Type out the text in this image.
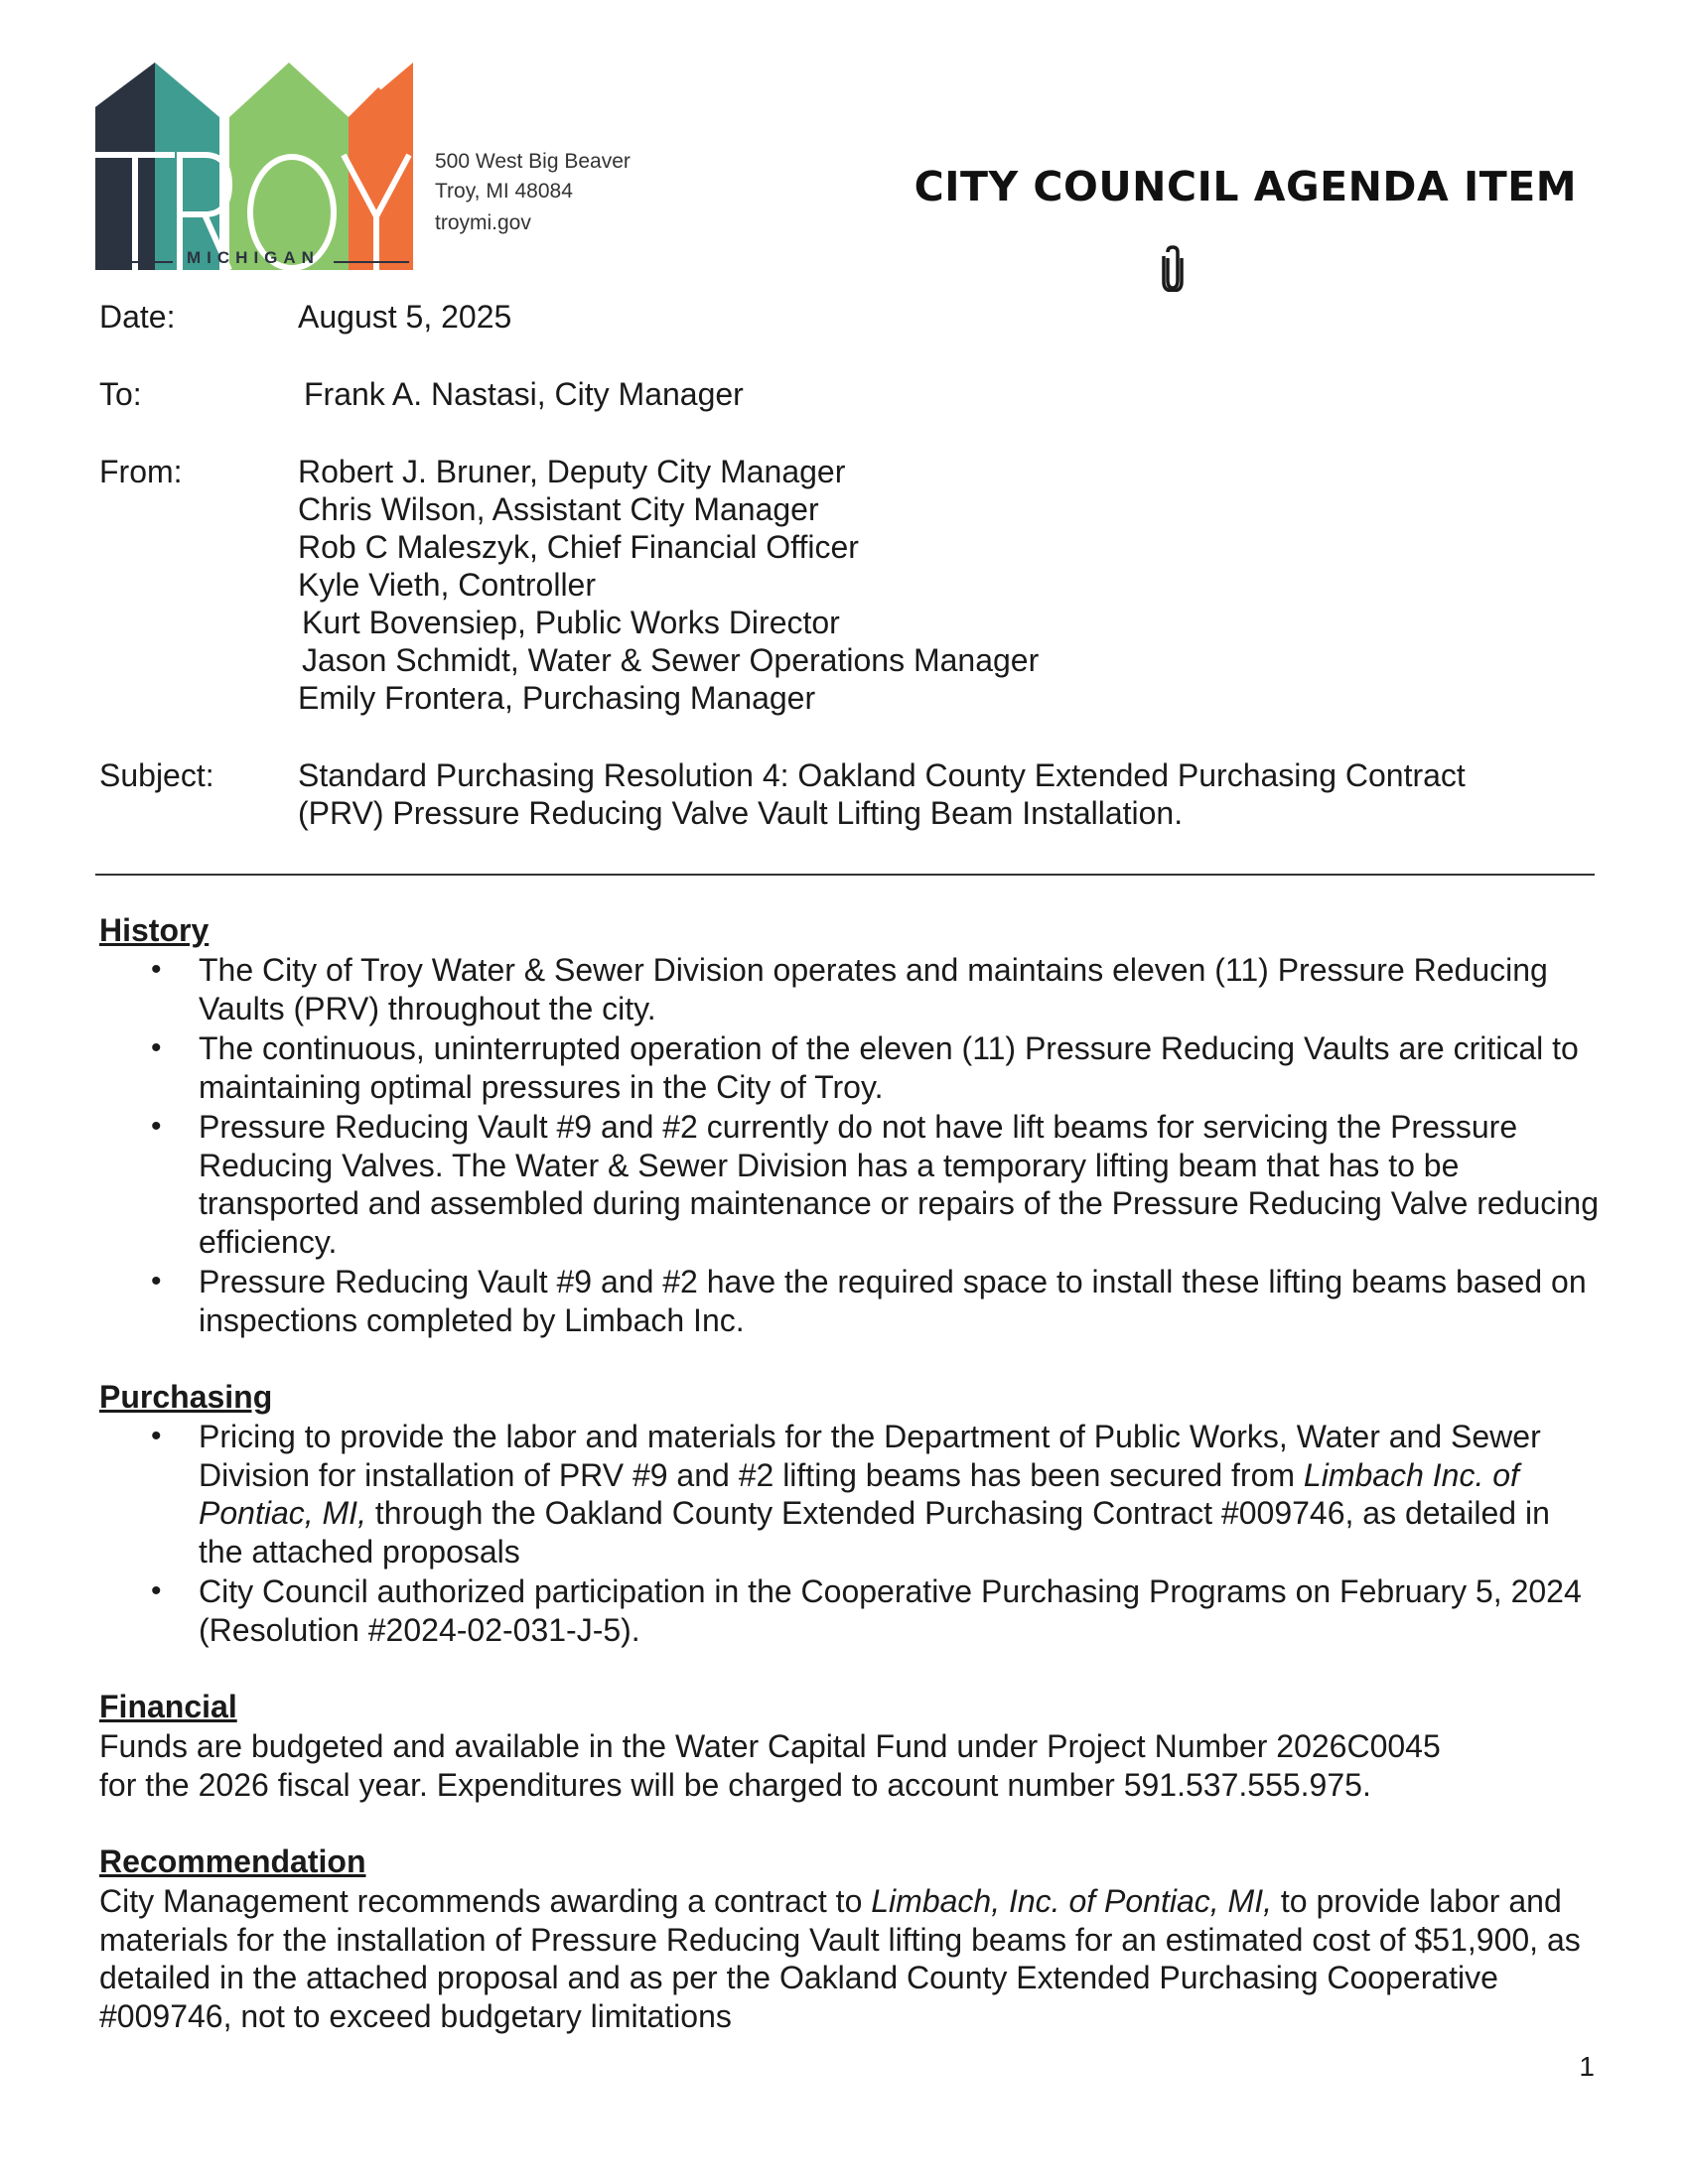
MICHIGAN
500 West Big Beaver
Troy, MI 48084
troymi.gov
CITY COUNCIL AGENDA ITEM
Date:	August 5, 2025
To:	Frank A. Nastasi, City Manager
From:	Robert J. Bruner, Deputy City Manager
Chris Wilson, Assistant City Manager
Rob C Maleszyk, Chief Financial Officer
Kyle Vieth, Controller
Kurt Bovensiep, Public Works Director
Jason Schmidt, Water & Sewer Operations Manager
Emily Frontera, Purchasing Manager
Subject:	Standard Purchasing Resolution 4: Oakland County Extended Purchasing Contract
(PRV) Pressure Reducing Valve Vault Lifting Beam Installation.
History
• The City of Troy Water & Sewer Division operates and maintains eleven (11) Pressure Reducing Vaults (PRV) throughout the city.
• The continuous, uninterrupted operation of the eleven (11) Pressure Reducing Vaults are critical to maintaining optimal pressures in the City of Troy.
• Pressure Reducing Vault #9 and #2 currently do not have lift beams for servicing the Pressure Reducing Valves. The Water & Sewer Division has a temporary lifting beam that has to be transported and assembled during maintenance or repairs of the Pressure Reducing Valve reducing efficiency.
• Pressure Reducing Vault #9 and #2 have the required space to install these lifting beams based on inspections completed by Limbach Inc.
Purchasing
• Pricing to provide the labor and materials for the Department of Public Works, Water and Sewer Division for installation of PRV #9 and #2 lifting beams has been secured from Limbach Inc. of Pontiac, MI, through the Oakland County Extended Purchasing Contract #009746, as detailed in the attached proposals
• City Council authorized participation in the Cooperative Purchasing Programs on February 5, 2024 (Resolution #2024-02-031-J-5).
Financial
Funds are budgeted and available in the Water Capital Fund under Project Number 2026C0045
for the 2026 fiscal year. Expenditures will be charged to account number 591.537.555.975.
Recommendation

City Management recommends awarding a contract to Limbach, Inc. of Pontiac, MI, to provide labor and materials for the installation of Pressure Reducing Vault lifting beams for an estimated cost of $51,900, as detailed in the attached proposal and as per the Oakland County Extended Purchasing Cooperative #009746, not to exceed budgetary limitations

1
